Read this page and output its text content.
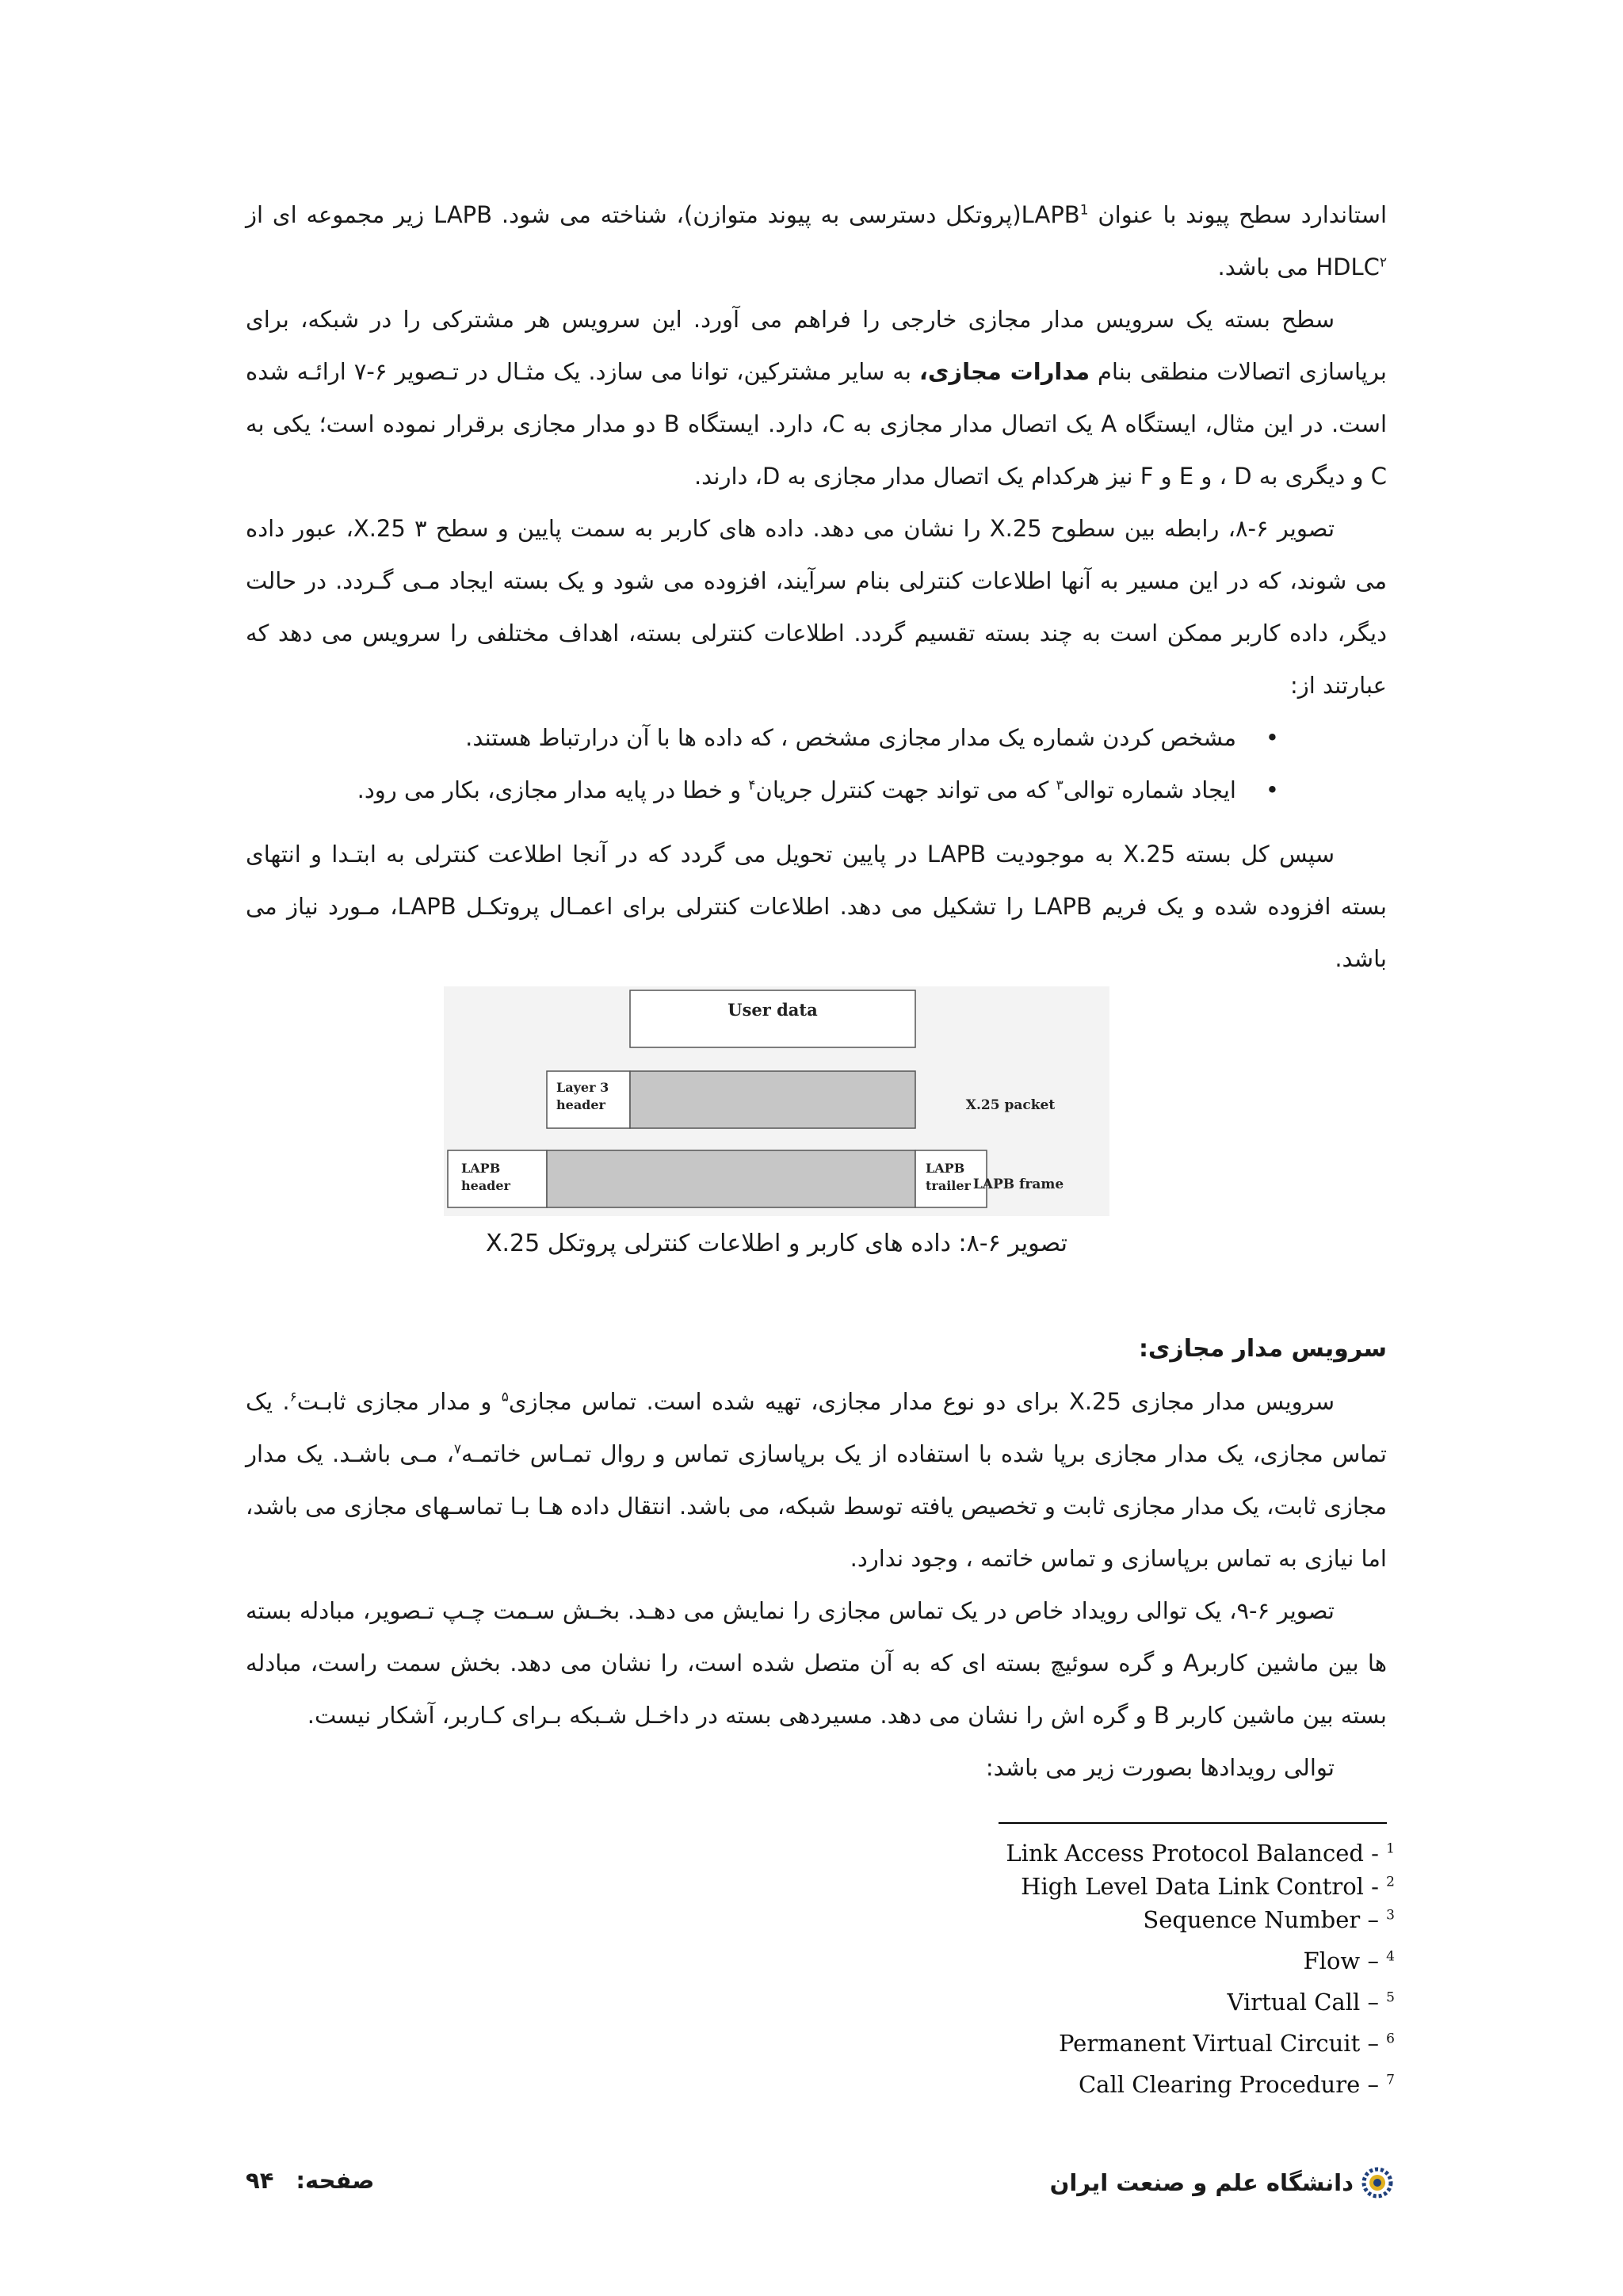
استاندارد سطح پیوند با عنوان LAPB$^1$(پروتکل دسترسی به پیوند متوازن)، شناخته می شود. LAPB زیر مجموعه ای از HDLC$^۲$ می باشد.

سطح بسته یک سرویس مدار مجازی خارجی را فراهم می آورد. این سرویس هر مشترکی را در شبکه، برای برپاسازی اتصالات منطقی بنام مدارات مجازی، به سایر مشترکین، توانا می سازد. یک مثـال در تـصویر ۶-۷ ارائـه شده است. در این مثال، ایستگاه A یک اتصال مدار مجازی به C، دارد. ایستگاه B دو مدار مجازی برقرار نموده است؛ یکی به C و دیگری به D ، و E و F نیز هرکدام یک اتصال مدار مجازی به D، دارند.

تصویر ۶-۸، رابطه بین سطوح X.25 را نشان می دهد. داده های کاربر به سمت پایین و سطح ۳ X.25، عبور داده می شوند، که در این مسیر به آنها اطلاعات کنترلی بنام سرآیند، افزوده می شود و یک بسته ایجاد مـی گـردد. در حالت دیگر، داده کاربر ممکن است به چند بسته تقسیم گردد. اطلاعات کنترلی بسته، اهداف مختلفی را سرویس می دهد که عبارتند از:

•
مشخص کردن شماره یک مدار مجازی مشخص ، که داده ها با آن درارتباط هستند.
•
ایجاد شماره توالی$^۳$ که می تواند جهت کنترل جریان$^۴$ و خطا در پایه مدار مجازی، بکار می رود.

سپس کل بسته X.25 به موجودیت LAPB در پایین تحویل می گردد که در آنجا اطلاعت کنترلی به ابتـدا و انتهای بسته افزوده شده و یک فریم LAPB را تشکیل می دهد. اطلاعات کنترلی برای اعمـال پروتکـل LAPB، مـورد نیاز می باشد.

User data
Layer 3
header	X.25 packet
LAPB
header
LAPB
trailer LAPB frame
تصویر ۶-۸: داده های کاربر و اطلاعات کنترلی پروتکل X.25

سرویس مدار مجازی:

سرویس مدار مجازی X.25 برای دو نوع مدار مجازی، تهیه شده است. تماس مجازی$^۵$ و مدار مجازی ثابـت$^۶$. یک تماس مجازی، یک مدار مجازی برپا شده با استفاده از یک برپاسازی تماس و روال تمـاس خاتمـه$^۷$، مـی باشـد. یک مدار مجازی ثابت، یک مدار مجازی ثابت و تخصیص یافته توسط شبکه، می باشد. انتقال داده هـا بـا تماسـهای مجازی می باشد، اما نیازی به تماس برپاسازی و تماس خاتمه ، وجود ندارد.

تصویر ۶-۹، یک توالی رویداد خاص در یک تماس مجازی را نمایش می دهـد. بخـش سـمت چـپ تـصویر، مبادله بسته ها بین ماشین کاربرA و گره سوئیچ بسته ای که به آن متصل شده است، را نشان می دهد. بخش سمت راست، مبادله بسته بین ماشین کاربر B و گره اش را نشان می دهد. مسیردهی بسته در داخـل شـبکه بـرای کـاربر، آشکار نیست.

توالی رویدادها بصورت زیر می باشد:

Link Access Protocol Balanced - $^1$
High Level Data Link Control - $^2$
Sequence Number – $^3$
Flow – $^4$
Virtual Call – $^5$
Permanent Virtual Circuit – $^6$
Call Clearing Procedure – $^7$
دانشگاه علم و صنعت ایران
صفحه:۹۴
